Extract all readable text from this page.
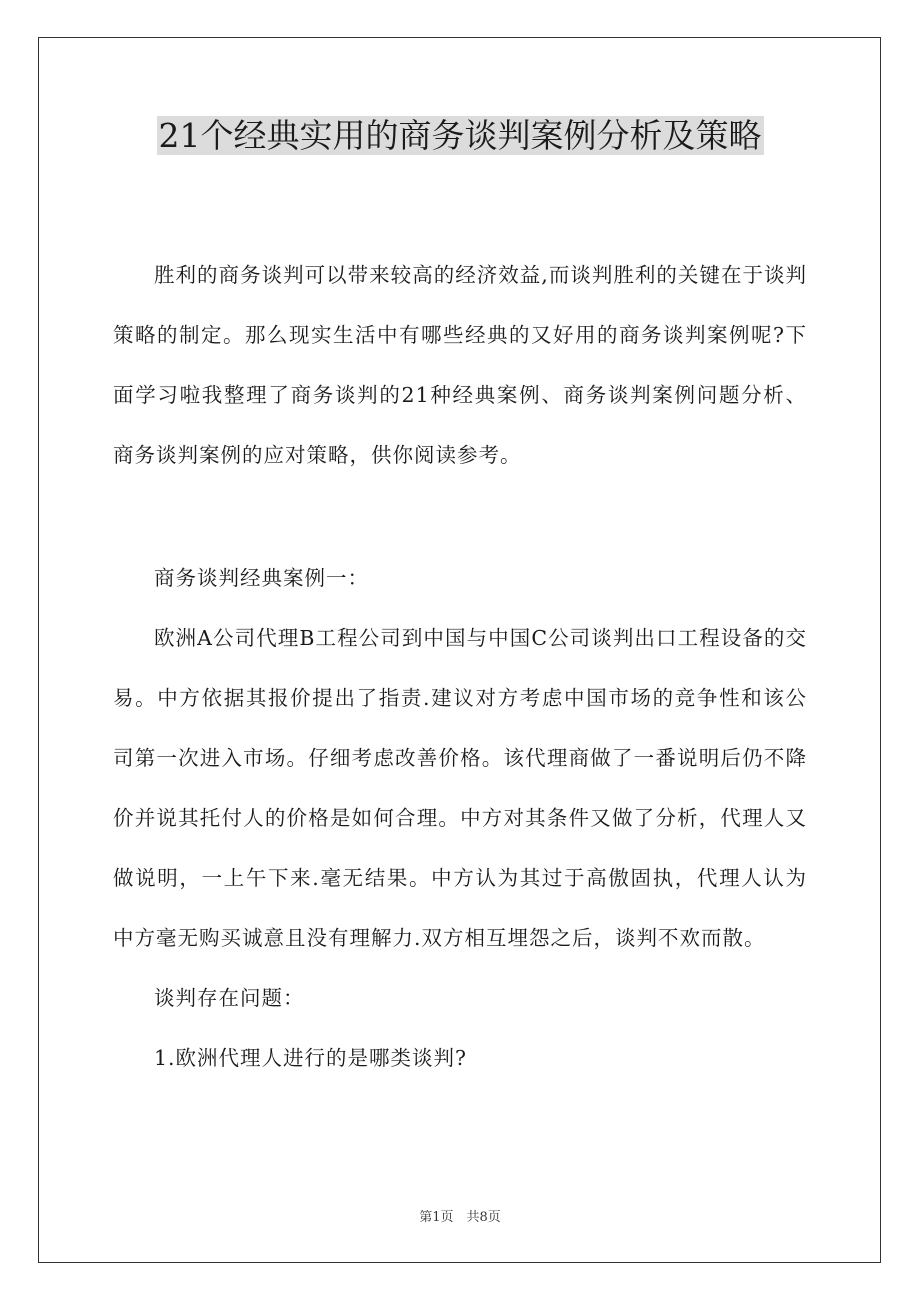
21个经典实用的商务谈判案例分析及策略

胜利的商务谈判可以带来较高的经济效益,而谈判胜利的关键在于谈判策略的制定。那么现实生活中有哪些经典的又好用的商务谈判案例呢?下面学习啦我整理了商务谈判的21种经典案例、商务谈判案例问题分析、商务谈判案例的应对策略，供你阅读参考。

商务谈判经典案例一：

欧洲A公司代理B工程公司到中国与中国C公司谈判出口工程设备的交易。中方依据其报价提出了指责.建议对方考虑中国市场的竞争性和该公司第一次进入市场。仔细考虑改善价格。该代理商做了一番说明后仍不降价并说其托付人的价格是如何合理。中方对其条件又做了分析，代理人又做说明，一上午下来.毫无结果。中方认为其过于高傲固执，代理人认为中方毫无购买诚意且没有理解力.双方相互埋怨之后，谈判不欢而散。

谈判存在问题：

1.欧洲代理人进行的是哪类谈判?

第1页　共8页
